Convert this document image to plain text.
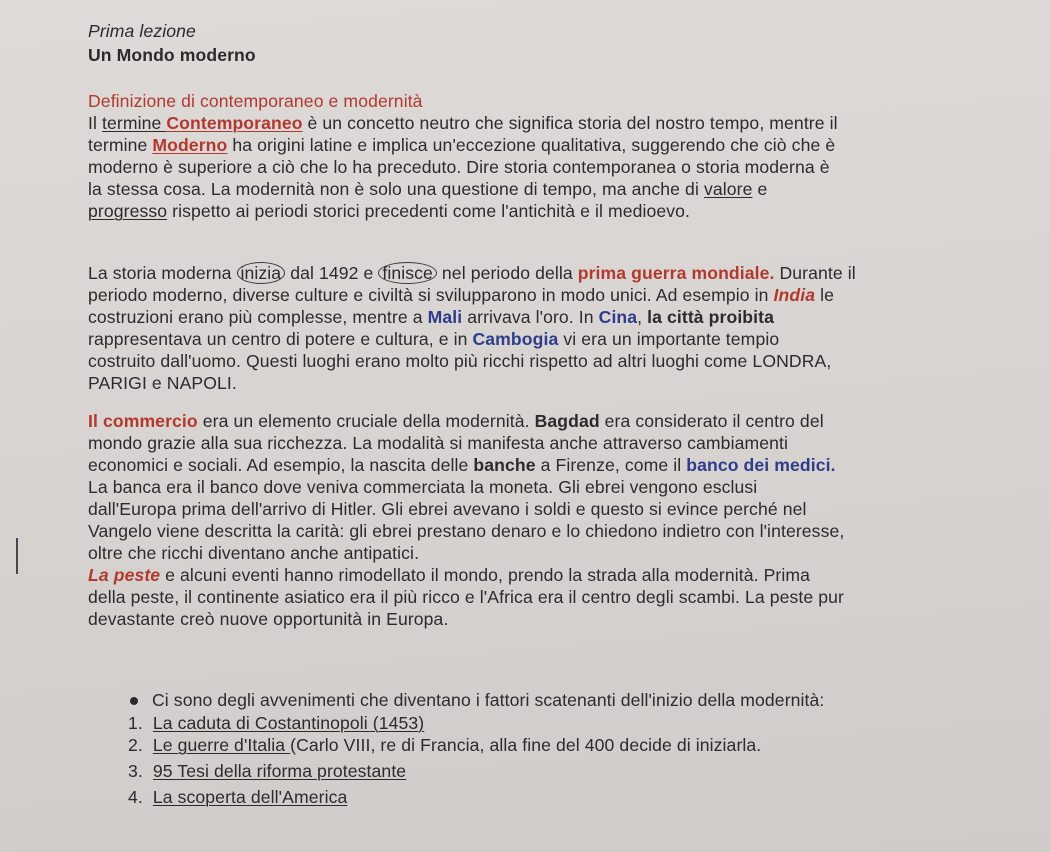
Prima lezione
Un Mondo moderno
Definizione di contemporaneo e modernità
Il termine Contemporaneo è un concetto neutro che significa storia del nostro tempo, mentre il
termine Moderno ha origini latine e implica un'eccezione qualitativa, suggerendo che ciò che è
moderno è superiore a ciò che lo ha preceduto. Dire storia contemporanea o storia moderna è
la stessa cosa. La modernità non è solo una questione di tempo, ma anche di valore e
progresso rispetto ai periodi storici precedenti come l'antichità e il medioevo.
La storia moderna inizia dal 1492 e finisce nel periodo della prima guerra mondiale. Durante il
periodo moderno, diverse culture e civiltà si svilupparono in modo unici. Ad esempio in India le
costruzioni erano più complesse, mentre a Mali arrivava l'oro. In Cina, la città proibita
rappresentava un centro di potere e cultura, e in Cambogia vi era un importante tempio
costruito dall'uomo. Questi luoghi erano molto più ricchi rispetto ad altri luoghi come LONDRA,
PARIGI e NAPOLI.
Il commercio era un elemento cruciale della modernità. Bagdad era considerato il centro del
mondo grazie alla sua ricchezza. La modalità si manifesta anche attraverso cambiamenti
economici e sociali. Ad esempio, la nascita delle banche a Firenze, come il banco dei medici.
La banca era il banco dove veniva commerciata la moneta. Gli ebrei vengono esclusi
dall'Europa prima dell'arrivo di Hitler. Gli ebrei avevano i soldi e questo si evince perché nel
Vangelo viene descritta la carità: gli ebrei prestano denaro e lo chiedono indietro con l'interesse,
oltre che ricchi diventano anche antipatici.
La peste e alcuni eventi hanno rimodellato il mondo, prendo la strada alla modernità. Prima
della peste, il continente asiatico era il più ricco e l'Africa era il centro degli scambi. La peste pur
devastante creò nuove opportunità in Europa.
Ci sono degli avvenimenti che diventano i fattori scatenanti dell'inizio della modernità:
1. La caduta di Costantinopoli (1453)
2. Le guerre d'Italia (Carlo VIII, re di Francia, alla fine del 400 decide di iniziarla.
3. 95 Tesi della riforma protestante
4. La scoperta dell'America
